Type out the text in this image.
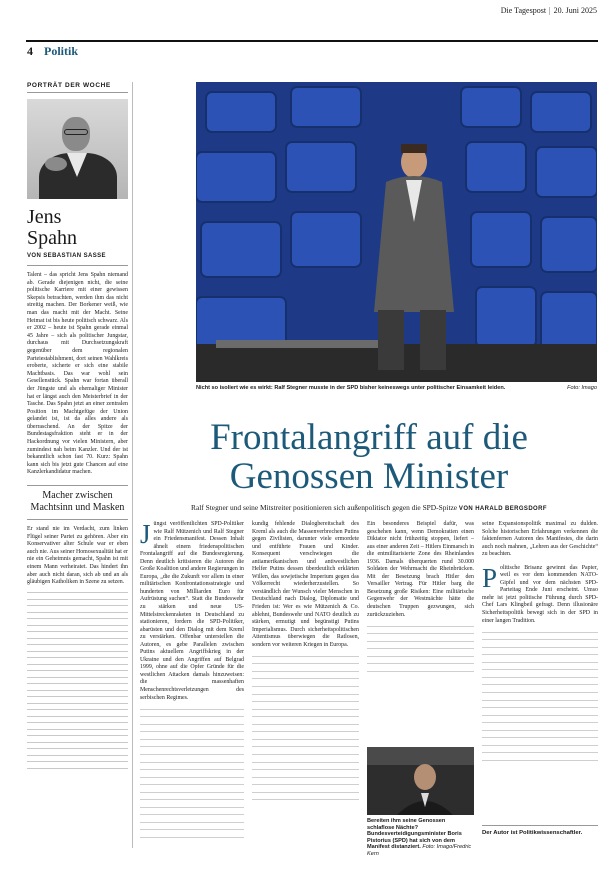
Die Tagespost | 20. Juni 2025
4 Politik
PORTRÄT DER WOCHE
Jens
Spahn
VON SEBASTIAN SASSE
Talent – das spricht Jens Spahn niemand ab. Gerade diejenigen nicht, die seine politische Karriere mit einer gewissen Skepsis betrachten, werden ihm das nicht streitig machen. Der Borkener weiß, wie man das macht mit der Macht. Seine Heimat ist bis heute politisch schwarz. Als er 2002 – heute ist Spahn gerade einmal 45 Jahre – sich als politischer Jungstar, durchaus mit Durchsetzungskraft gegenüber dem regionalen Parteiestablishment, dort seinen Wahlkreis eroberte, sicherte er sich eine stabile Machtbasis. Das war wohl sein Gesellenstück. Spahn war fortan überall der Jüngste und als ehemaliger Minister hat er längst auch den Meisterbrief in der Tasche. Das Spahn jetzt an einer zentralen Position im Machtgefüge der Union gelandet ist, ist da alles andere als überraschend. An der Spitze der Bundestagsfraktion steht er in der Hackordnung vor vielen Ministern, aber zumindest nah beim Kanzler. Und der ist bekanntlich schon fast 70. Kurz: Spahn kann sich bis jetzt gute Chancen auf eine Kanzlerkandidatur machen.
Macher zwischen Machtsinn und Masken
Er stand nie im Verdacht, zum linken Flügel seiner Partei zu gehören. Aber ein Konservativer alter Schule war er eben auch nie. Aus seiner Homosexualität hat er nie ein Geheimnis gemacht, Spahn ist mit einem Mann verheiratet. Das hindert ihn aber auch nicht daran, sich ab und an als gläubigen Katholiken in Szene zu setzen.
Nicht so isoliert wie es wirkt: Ralf Stegner musste in der SPD bisher keineswegs unter politischer Einsamkeit leiden.	Foto: Imago
Frontalangriff auf die
Genossen Minister
Ralf Stegner und seine Mitstreiter positionieren sich außenpolitisch gegen die SPD-Spitze VON HARALD BERGSDORF
J üngst veröffentlichten SPD-Politiker wie Ralf Mützenich und Ralf Stegner ein Friedensmanifest. Dessen Inhalt ähnelt einem friedenspolitischen Frontalangriff auf die Bundesregierung. Denn deutlich kritisieren die Autoren die Große Koalition und andere Regierungen in Europa, „die die Zukunft vor allem in einer militärischen Konfrontationsstrategie und hunderten von Milliarden Euro für Aufrüstung suchen“. Statt die Bundeswehr zu stärken und neue US-Mittelstreckenraketen in Deutschland zu stationieren, fordern die SPD-Politiker, abarüsten und den Dialog mit dem Kreml zu verstärken. Offenbar unterstellen die Autoren, es gebe Parallelen zwischen Putins aktuellem Angriffskrieg in der Ukraine und den Angriffen auf Belgrad 1999, ohne auf die Opfer Gründe für die westlichen Attacken damals hinzuweisen: die massenhaften Menschenrechtsverletzungen des serbischen Regimes.
kundig fehlende Dialogbereitschaft des Kreml als auch die Massenverbrechen Putins gegen Zivilisten, darunter viele ermordete und entführte Frauen und Kinder. Konsequent verschwiegen die antiamerikanischen und antiwestlichen Helfer Putins dessen überdeutlich erklärten Willen, das sowjetische Imperium gegen das Völkerrecht wiederherzustellen. So verständlich der Wunsch vieler Menschen in Deutschland nach Dialog, Diplomatie und Frieden ist: Wer es wie Mützenich & Co. ablehnt, Bundeswehr und NATO deutlich zu stärken, ermutigt und begünstigt Putins Imperialismus. Durch sicherheitspolitischen Attentismus überwiegen die Ratlosen, sondern vor weiteren Kriegen in Europa.
Ein besonderes Beispiel dafür, was geschehen kann, wenn Demokratien einen Diktator nicht frühzeitig stoppen, liefert – aus einer anderen Zeit – Hitlers Einmarsch in die entmilitarisierte Zone des Rheinlandes 1936. Damals überquerten rund 30.000 Soldaten der Wehrmacht die Rheinbrücken. Mit der Besetzung brach Hitler den Versailler Vertrag. Für Hitler barg die Besetzung große Risiken: Eine militärische Gegenwehr der Westmächte hätte die deutschen Truppen gezwungen, sich zurückzuziehen.
Bereiten ihm seine Genossen schlaflose Nächte? Bundesverteidigungsminister Boris Pistorius (SPD) hat sich von dem Manifest distanziert. Foto: Imago/Fredric Kern
seine Expansionspolitik maximal zu dulden. Solche historischen Erfahrungen verkennen die faktenfernen Autoren des Manifestes, die darin auch noch mahnen, „Lehren aus der Geschichte“ zu beachten.
P olitische Brisanz gewinnt das Papier, weil es vor dem kommenden NATO-Gipfel und vor dem nächsten SPD-Parteitag Ende Juni erscheint. Umso mehr ist jetzt politische Führung durch SPD-Chef Lars Klingbeil gefragt. Denn illusionäre Sicherheitspolitik bewegt sich in der SPD in einer langen Tradition.
Der Autor ist Politikwissenschaftler.
